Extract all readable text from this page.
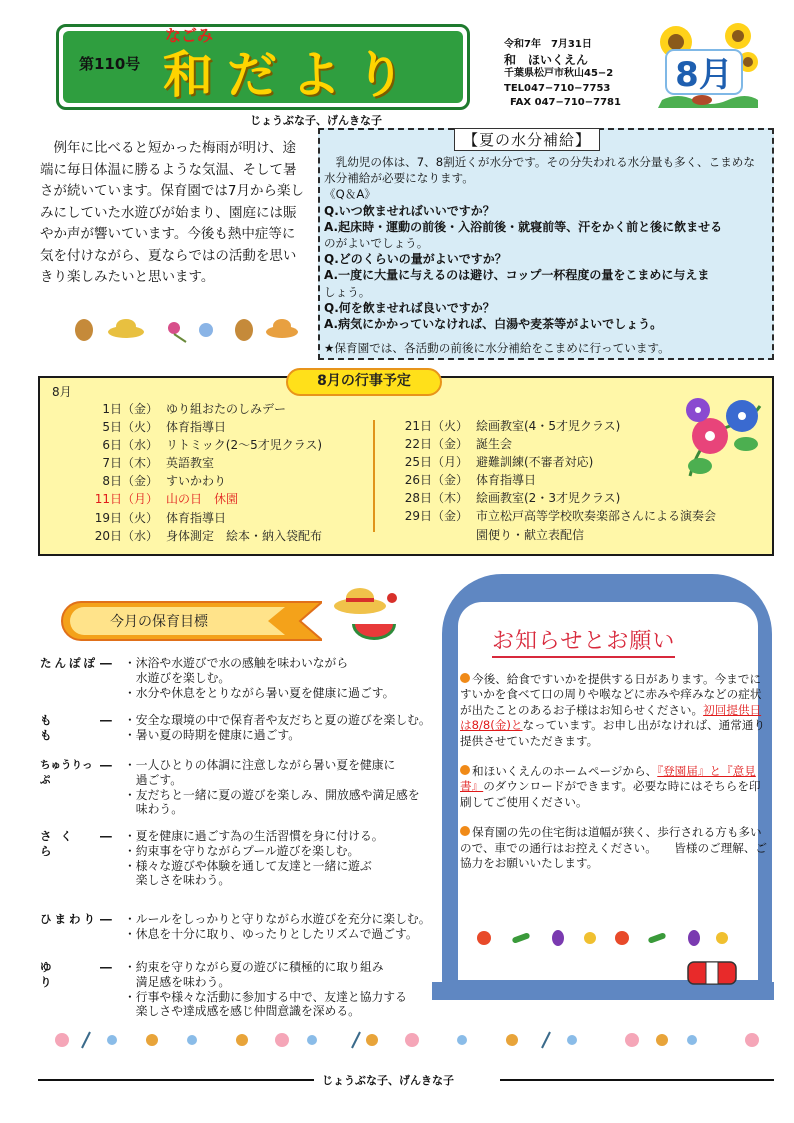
第110号
なごみ
和だより
じょうぶな子、げんきな子
令和7年　7月31日
和　ほいくえん
千葉県松戸市秋山45−2
TEL047−710−7753
FAX 047−710−7781
8月
例年に比べると短かった梅雨が明け、途端に毎日体温に勝るような気温、そして暑さが続いています。保育園では7月から楽しみにしていた水遊びが始まり、園庭には賑やか声が響いています。今後も熱中症等に気を付けながら、夏ならではの活動を思いきり楽しみたいと思います。
乳幼児の体は、7、8割近くが水分です。その分失われる水分量も多く、こまめな水分補給が必要になります。
《Q＆A》
Q.いつ飲ませればいいですか？
A.起床時・運動の前後・入浴前後・就寝前等、汗をかく前と後に飲ませる
のがよいでしょう。
Q.どのくらいの量がよいですか？
A.一度に大量に与えるのは避け、コップ一杯程度の量をこまめに与えま
しょう。
Q.何を飲ませれば良いですか？
A.病気にかかっていなければ、白湯や麦茶等がよいでしょう。
★保育園では、各活動の前後に水分補給をこまめに行っています。
【夏の水分補給】
8月の行事予定
8月
1日（金） ゆり組おたのしみデー
5日（火） 体育指導日
6日（水） リトミック(2〜5才児クラス)
7日（木） 英語教室
8日（金） すいかわり
11日（月） 山の日　休園
19日（火） 体育指導日
20日（水） 身体測定　絵本・納入袋配布
21日（火） 絵画教室(4・5才児クラス)
22日（金） 誕生会
25日（月） 避難訓練(不審者対応)
26日（金） 体育指導日
28日（木） 絵画教室(2・3才児クラス)
29日（金） 市立松戸高等学校吹奏楽部さんによる演奏会
園便り・献立表配信
今月の保育目標
たんぽぽ ― ・沐浴や水遊びで水の感触を味わいながら
　水遊びを楽しむ。
・水分や休息をとりながら暑い夏を健康に過ごす。
もも― ・安全な環境の中で保育者や友だちと夏の遊びを楽しむ。
・暑い夏の時期を健康に過ごす。
ちゅうりっぷ― ・一人ひとりの体調に注意しながら暑い夏を健康に
　過ごす。
・友だちと一緒に夏の遊びを楽しみ、開放感や満足感を
　味わう。
さくら― ・夏を健康に過ごす為の生活習慣を身に付ける。
・約束事を守りながらプール遊びを楽しむ。
・様々な遊びや体験を通して友達と一緒に遊ぶ
　楽しさを味わう。
ひまわり ― ・ルールをしっかりと守りながら水遊びを充分に楽しむ。
・休息を十分に取り、ゆったりとしたリズムで過ごす。
ゆり― ・約束を守りながら夏の遊びに積極的に取り組み
　満足感を味わう。
・行事や様々な活動に参加する中で、友達と協力する
　楽しさや達成感を感じ仲間意識を深める。
お知らせとお願い

今後、給食ですいかを提供する日があります。今までにすいかを食べて口の周りや喉などに赤みや痒みなどの症状が出たことのあるお子様はお知らせください。初回提供日は8/8(金)となっています。お申し出がなければ、通常通り提供させていただきます。

和ほいくえんのホームページから、『登園届』と『意見書』のダウンロードができます。必要な時にはそちらを印刷してご使用ください。

保育園の先の住宅街は道幅が狭く、歩行される方も多いので、車での通行はお控えください。　　皆様のご理解、ご協力をお願いいたします。

じょうぶな子、げんきな子
